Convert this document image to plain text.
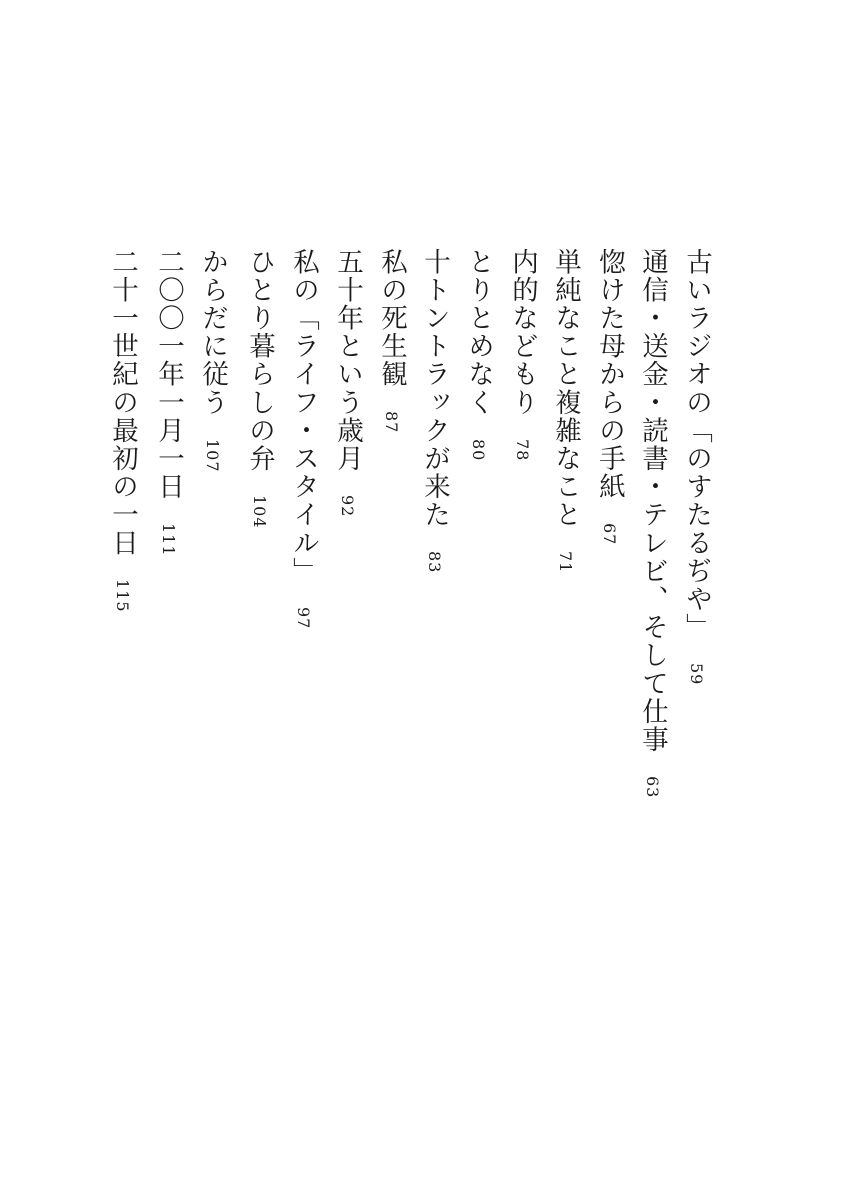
古いラジオの「のすたるぢや」
59
通信・送金・読書・テレビ、そして仕事
63
惚けた母からの手紙
67
単純なこと複雑なこと
71
内的などもり
78
とりとめなく
80
十トントラックが来た
83
私の死生観
87
五十年という歳月
92
私の「ライフ・スタイル」
97
ひとり暮らしの弁
104
からだに従う
107
二〇〇一年一月一日
111
二十一世紀の最初の一日
115
